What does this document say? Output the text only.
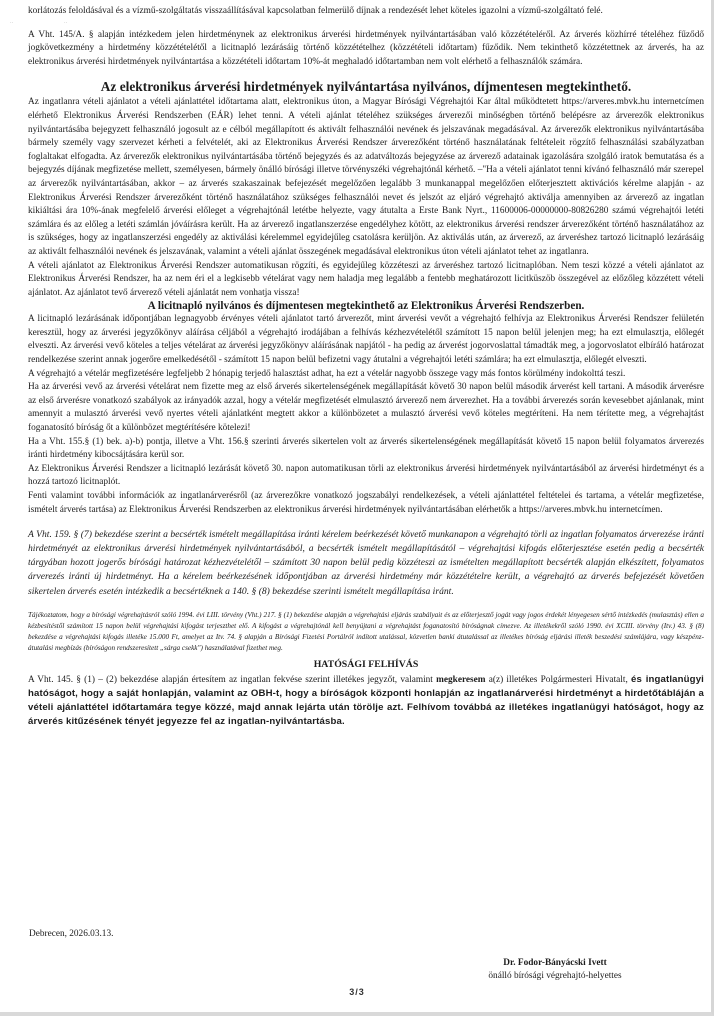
··	··

korlátozás feloldásával és a vízmű-szolgáltatás visszaállításával kapcsolatban felmerülő díjnak a rendezését lehet köteles igazolni a vízmű-szolgáltató felé.

A Vht. 145/A. § alapján intézkedem jelen hirdetménynek az elektronikus árverési hirdetmények nyilvántartásában való közzétételéről. Az árverés közhírré tételéhez fűződő jogkövetkezmény a hirdetmény közzétételétől a licitnapló lezárásáig történő közzétételhez (közzétételi időtartam) fűződik. Nem tekinthető közzétettnek az árverés, ha az elektronikus árverési hirdetmények nyilvántartása a közzétételi időtartam 10%-át meghaladó időtartamban nem volt elérhető a felhasználók számára.

Az elektronikus árverési hirdetmények nyilvántartása nyilvános, díjmentesen megtekinthető.

Az ingatlanra vételi ajánlatot a vételi ajánlattétel időtartama alatt, elektronikus úton, a Magyar Bírósági Végrehajtói Kar által működtetett https://arveres.mbvk.hu internetcímen elérhető Elektronikus Árverési Rendszerben (EÁR) lehet tenni. A vételi ajánlat tételéhez szükséges árverezői minőségben történő belépésre az árverezők elektronikus nyilvántartásába bejegyzett felhasználó jogosult az e célból megállapított és aktivált felhasználói nevének és jelszavának megadásával. Az árverezők elektronikus nyilvántartásába bármely személy vagy szervezet kérheti a felvételét, aki az Elektronikus Árverési Rendszer árverezőként történő használatának feltételeit rögzítő felhasználási szabályzatban foglaltakat elfogadta. Az árverezők elektronikus nyilvántartásába történő bejegyzés és az adatváltozás bejegyzése az árverező adatainak igazolására szolgáló iratok bemutatása és a bejegyzés díjának megfizetése mellett, személyesen, bármely önálló bírósági illetve törvényszéki végrehajtónál kérhető. –"Ha a vételi ajánlatot tenni kívánó felhasználó már szerepel az árverezők nyilvántartásában, akkor – az árverés szakaszainak befejezését megelőzően legalább 3 munkanappal megelőzően előterjesztett aktivációs kérelme alapján - az Elektronikus Árverési Rendszer árverezőként történő használatához szükséges felhasználói nevet és jelszót az eljáró végrehajtó aktiválja amennyiben az árverező az ingatlan kikiáltási ára 10%-ának megfelelő árverési előleget a végrehajtónál letétbe helyezte, vagy átutalta a Erste Bank Nyrt., 11600006-00000000-80826280 számú végrehajtói letéti számlára és az előleg a letéti számlán jóváírásra került. Ha az árverező ingatlanszerzése engedélyhez kötött, az elektronikus árverési rendszer árverezőként történő használatához az is szükséges, hogy az ingatlanszerzési engedély az aktiválási kérelemmel egyidejűleg csatolásra kerüljön. Az aktiválás után, az árverező, az árveréshez tartozó licitnapló lezárásáig az aktivált felhasználói nevének és jelszavának, valamint a vételi ajánlat összegének megadásával elektronikus úton vételi ajánlatot tehet az ingatlanra.

A vételi ajánlatot az Elektronikus Árverési Rendszer automatikusan rögzíti, és egyidejűleg közzéteszi az árveréshez tartozó licitnaplóban. Nem teszi közzé a vételi ajánlatot az Elektronikus Árverési Rendszer, ha az nem éri el a legkisebb vételárat vagy nem haladja meg legalább a fentebb meghatározott licitküszöb összegével az előzőleg közzétett vételi ajánlatot. Az ajánlatot tevő árverező vételi ajánlatát nem vonhatja vissza!

A licitnapló nyilvános és díjmentesen megtekinthető az Elektronikus Árverési Rendszerben.

A licitnapló lezárásának időpontjában legnagyobb érvényes vételi ajánlatot tartó árverezőt, mint árverési vevőt a végrehajtó felhívja az Elektronikus Árverési Rendszer felületén keresztül, hogy az árverési jegyzőkönyv aláírása céljából a végrehajtó irodájában a felhívás kézhezvételétől számított 15 napon belül jelenjen meg; ha ezt elmulasztja, előlegét elveszti. Az árverési vevő köteles a teljes vételárat az árverési jegyzőkönyv aláírásának napjától - ha pedig az árverést jogorvoslattal támadták meg, a jogorvoslatot elbíráló határozat rendelkezése szerint annak jogerőre emelkedésétől - számított 15 napon belül befizetni vagy átutalni a végrehajtói letéti számlára; ha ezt elmulasztja, előlegét elveszti.

A végrehajtó a vételár megfizetésére legfeljebb 2 hónapig terjedő halasztást adhat, ha ezt a vételár nagyobb összege vagy más fontos körülmény indokolttá teszi.

Ha az árverési vevő az árverési vételárat nem fizette meg az első árverés sikertelenségének megállapítását követő 30 napon belül második árverést kell tartani. A második árverésre az első árverésre vonatkozó szabályok az irányadók azzal, hogy a vételár megfizetését elmulasztó árverező nem árverezhet. Ha a további árverezés során kevesebbet ajánlanak, mint amennyit a mulasztó árverési vevő nyertes vételi ajánlatként megtett akkor a különbözetet a mulasztó árverési vevő köteles megtéríteni. Ha nem térítette meg, a végrehajtást foganatosító bíróság őt a különbözet megtérítésére kötelezi!

Ha a Vht. 155.§ (1) bek. a)-b) pontja, illetve a Vht. 156.§ szerinti árverés sikertelen volt az árverés sikertelenségének megállapítását követő 15 napon belül folyamatos árverezés iránti hirdetmény kibocsájtására kerül sor.

Az Elektronikus Árverési Rendszer a licitnapló lezárását követő 30. napon automatikusan törli az elektronikus árverési hirdetmények nyilvántartásából az árverési hirdetményt és a hozzá tartozó licitnaplót.

Fenti valamint további információk az ingatlanárverésről (az árverezőkre vonatkozó jogszabályi rendelkezések, a vételi ajánlattétel feltételei és tartama, a vételár megfizetése, ismételt árverés tartása) az Elektronikus Árverési Rendszerben az elektronikus árverési hirdetmények nyilvántartásában elérhetők a https://arveres.mbvk.hu internetcímen.

A Vht. 159. § (7) bekezdése szerint a becsérték ismételt megállapítása iránti kérelem beérkezését követő munkanapon a végrehajtó törli az ingatlan folyamatos árverezése iránti hirdetményét az elektronikus árverési hirdetmények nyilvántartásából, a becsérték ismételt megállapításától – végrehajtási kifogás előterjesztése esetén pedig a becsérték tárgyában hozott jogerős bírósági határozat kézhezvételétől – számított 30 napon belül pedig közzéteszi az ismételten megállapított becsérték alapján elkészített, folyamatos árverezés iránti új hirdetményt. Ha a kérelem beérkezésének időpontjában az árverési hirdetmény már közzétételre került, a végrehajtó az árverés befejezését követően sikertelen árverés esetén intézkedik a becsértéknek a 140. § (8) bekezdése szerinti ismételt megállapítása iránt.

Tájékoztatom, hogy a bírósági végrehajtásról szóló 1994. évi LIII. törvény (Vht.) 217. § (1) bekezdése alapján a végrehajtási eljárás szabályait és az előterjesztő jogát vagy jogos érdekét lényegesen sértő intézkedés (mulasztás) ellen a kézbesítéstől számított 15 napon belül végrehajtási kifogást terjeszthet elő. A kifogást a végrehajtónál kell benyújtani a végrehajtást foganatosító bíróságnak címezve. Az illetékekről szóló 1990. évi XCIII. törvény (Itv.) 43. § (8) bekezdése a végrehajtási kifogás illetéke 15.000 Ft, amelyet az Itv. 74. § alapján a Bírósági Fizetési Portálról indított utalással, közvetlen banki átutalással az illetékes bíróság eljárási illeték beszedési számlájára, vagy készpénz-átutalási megbízás (bíróságon rendszeresített „sárga csekk") használatával fizethet meg.

HATÓSÁGI FELHÍVÁS

A Vht. 145. § (1) – (2) bekezdése alapján értesítem az ingatlan fekvése szerint illetékes jegyzőt, valamint megkeresem a(z) illetékes Polgármesteri Hivatalt, és ingatlanügyi hatóságot, hogy a saját honlapján, valamint az OBH-t, hogy a bíróságok központi honlapján az ingatlanárverési hirdetményt a hirdetőtábláján a vételi ajánlattétel időtartamára tegye közzé, majd annak lejárta után törölje azt. Felhívom továbbá az illetékes ingatlanügyi hatóságot, hogy az árverés kitűzésének tényét jegyezze fel az ingatlan-nyilvántartásba.

Debrecen, 2026.03.13.
Dr. Fodor-Bányácski Ivett
önálló bírósági végrehajtó-helyettes
3/3
